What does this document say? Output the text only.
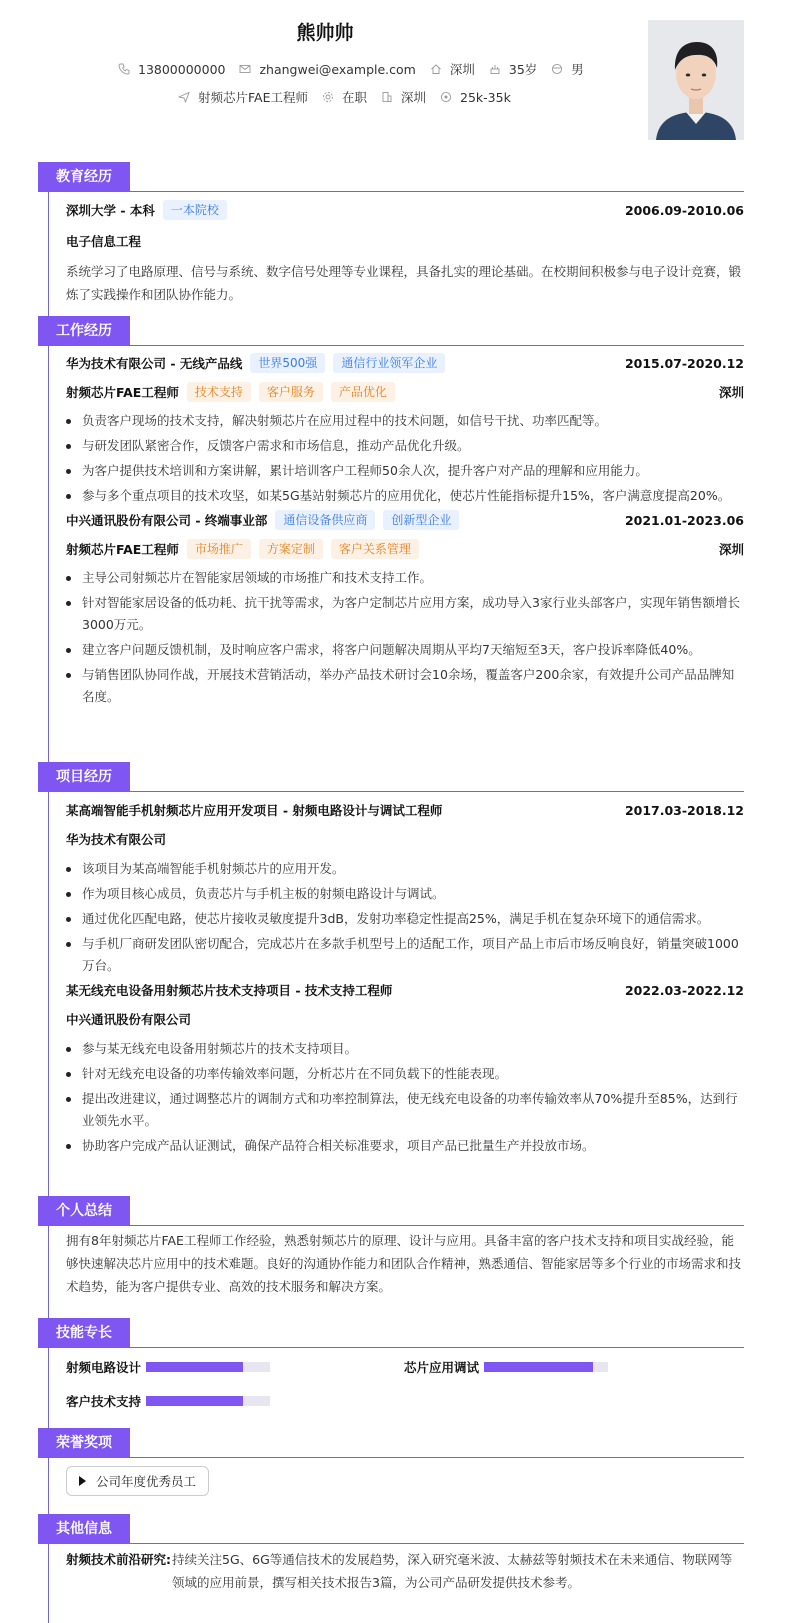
熊帅帅
13800000000	zhangwei@example.com	深圳	35岁	男
射频芯片FAE工程师	在职	深圳	25k-35k
教育经历
深圳大学 - 本科	一本院校	2006.09-2010.06
电子信息工程
系统学习了电路原理、信号与系统、数字信号处理等专业课程，具备扎实的理论基础。在校期间积极参与电子设计竞赛，锻炼了实践操作和团队协作能力。
工作经历
华为技术有限公司 - 无线产品线	世界500强	通信行业领军企业	2015.07-2020.12
射频芯片FAE工程师	技术支持	客户服务	产品优化	深圳
负责客户现场的技术支持，解决射频芯片在应用过程中的技术问题，如信号干扰、功率匹配等。
与研发团队紧密合作，反馈客户需求和市场信息，推动产品优化升级。
为客户提供技术培训和方案讲解，累计培训客户工程师50余人次，提升客户对产品的理解和应用能力。
参与多个重点项目的技术攻坚，如某5G基站射频芯片的应用优化，使芯片性能指标提升15%，客户满意度提高20%。
中兴通讯股份有限公司 - 终端事业部	通信设备供应商	创新型企业	2021.01-2023.06
射频芯片FAE工程师	市场推广	方案定制	客户关系管理	深圳
主导公司射频芯片在智能家居领域的市场推广和技术支持工作。
针对智能家居设备的低功耗、抗干扰等需求，为客户定制芯片应用方案，成功导入3家行业头部客户，实现年销售额增长3000万元。
建立客户问题反馈机制，及时响应客户需求，将客户问题解决周期从平均7天缩短至3天，客户投诉率降低40%。
与销售团队协同作战，开展技术营销活动，举办产品技术研讨会10余场，覆盖客户200余家，有效提升公司产品品牌知名度。
项目经历
某高端智能手机射频芯片应用开发项目 - 射频电路设计与调试工程师	2017.03-2018.12
华为技术有限公司
该项目为某高端智能手机射频芯片的应用开发。
作为项目核心成员，负责芯片与手机主板的射频电路设计与调试。
通过优化匹配电路，使芯片接收灵敏度提升3dB，发射功率稳定性提高25%，满足手机在复杂环境下的通信需求。
与手机厂商研发团队密切配合，完成芯片在多款手机型号上的适配工作，项目产品上市后市场反响良好，销量突破1000万台。
某无线充电设备用射频芯片技术支持项目 - 技术支持工程师	2022.03-2022.12
中兴通讯股份有限公司
参与某无线充电设备用射频芯片的技术支持项目。
针对无线充电设备的功率传输效率问题，分析芯片在不同负载下的性能表现。
提出改进建议，通过调整芯片的调制方式和功率控制算法，使无线充电设备的功率传输效率从70%提升至85%，达到行业领先水平。
协助客户完成产品认证测试，确保产品符合相关标准要求，项目产品已批量生产并投放市场。
个人总结
拥有8年射频芯片FAE工程师工作经验，熟悉射频芯片的原理、设计与应用。具备丰富的客户技术支持和项目实战经验，能够快速解决芯片应用中的技术难题。良好的沟通协作能力和团队合作精神，熟悉通信、智能家居等多个行业的市场需求和技术趋势，能为客户提供专业、高效的技术服务和解决方案。
技能专长
射频电路设计	芯片应用调试
客户技术支持
荣誉奖项
公司年度优秀员工
其他信息
射频技术前沿研究: 持续关注5G、6G等通信技术的发展趋势，深入研究毫米波、太赫兹等射频技术在未来通信、物联网等领域的应用前景，撰写相关技术报告3篇，为公司产品研发提供技术参考。
